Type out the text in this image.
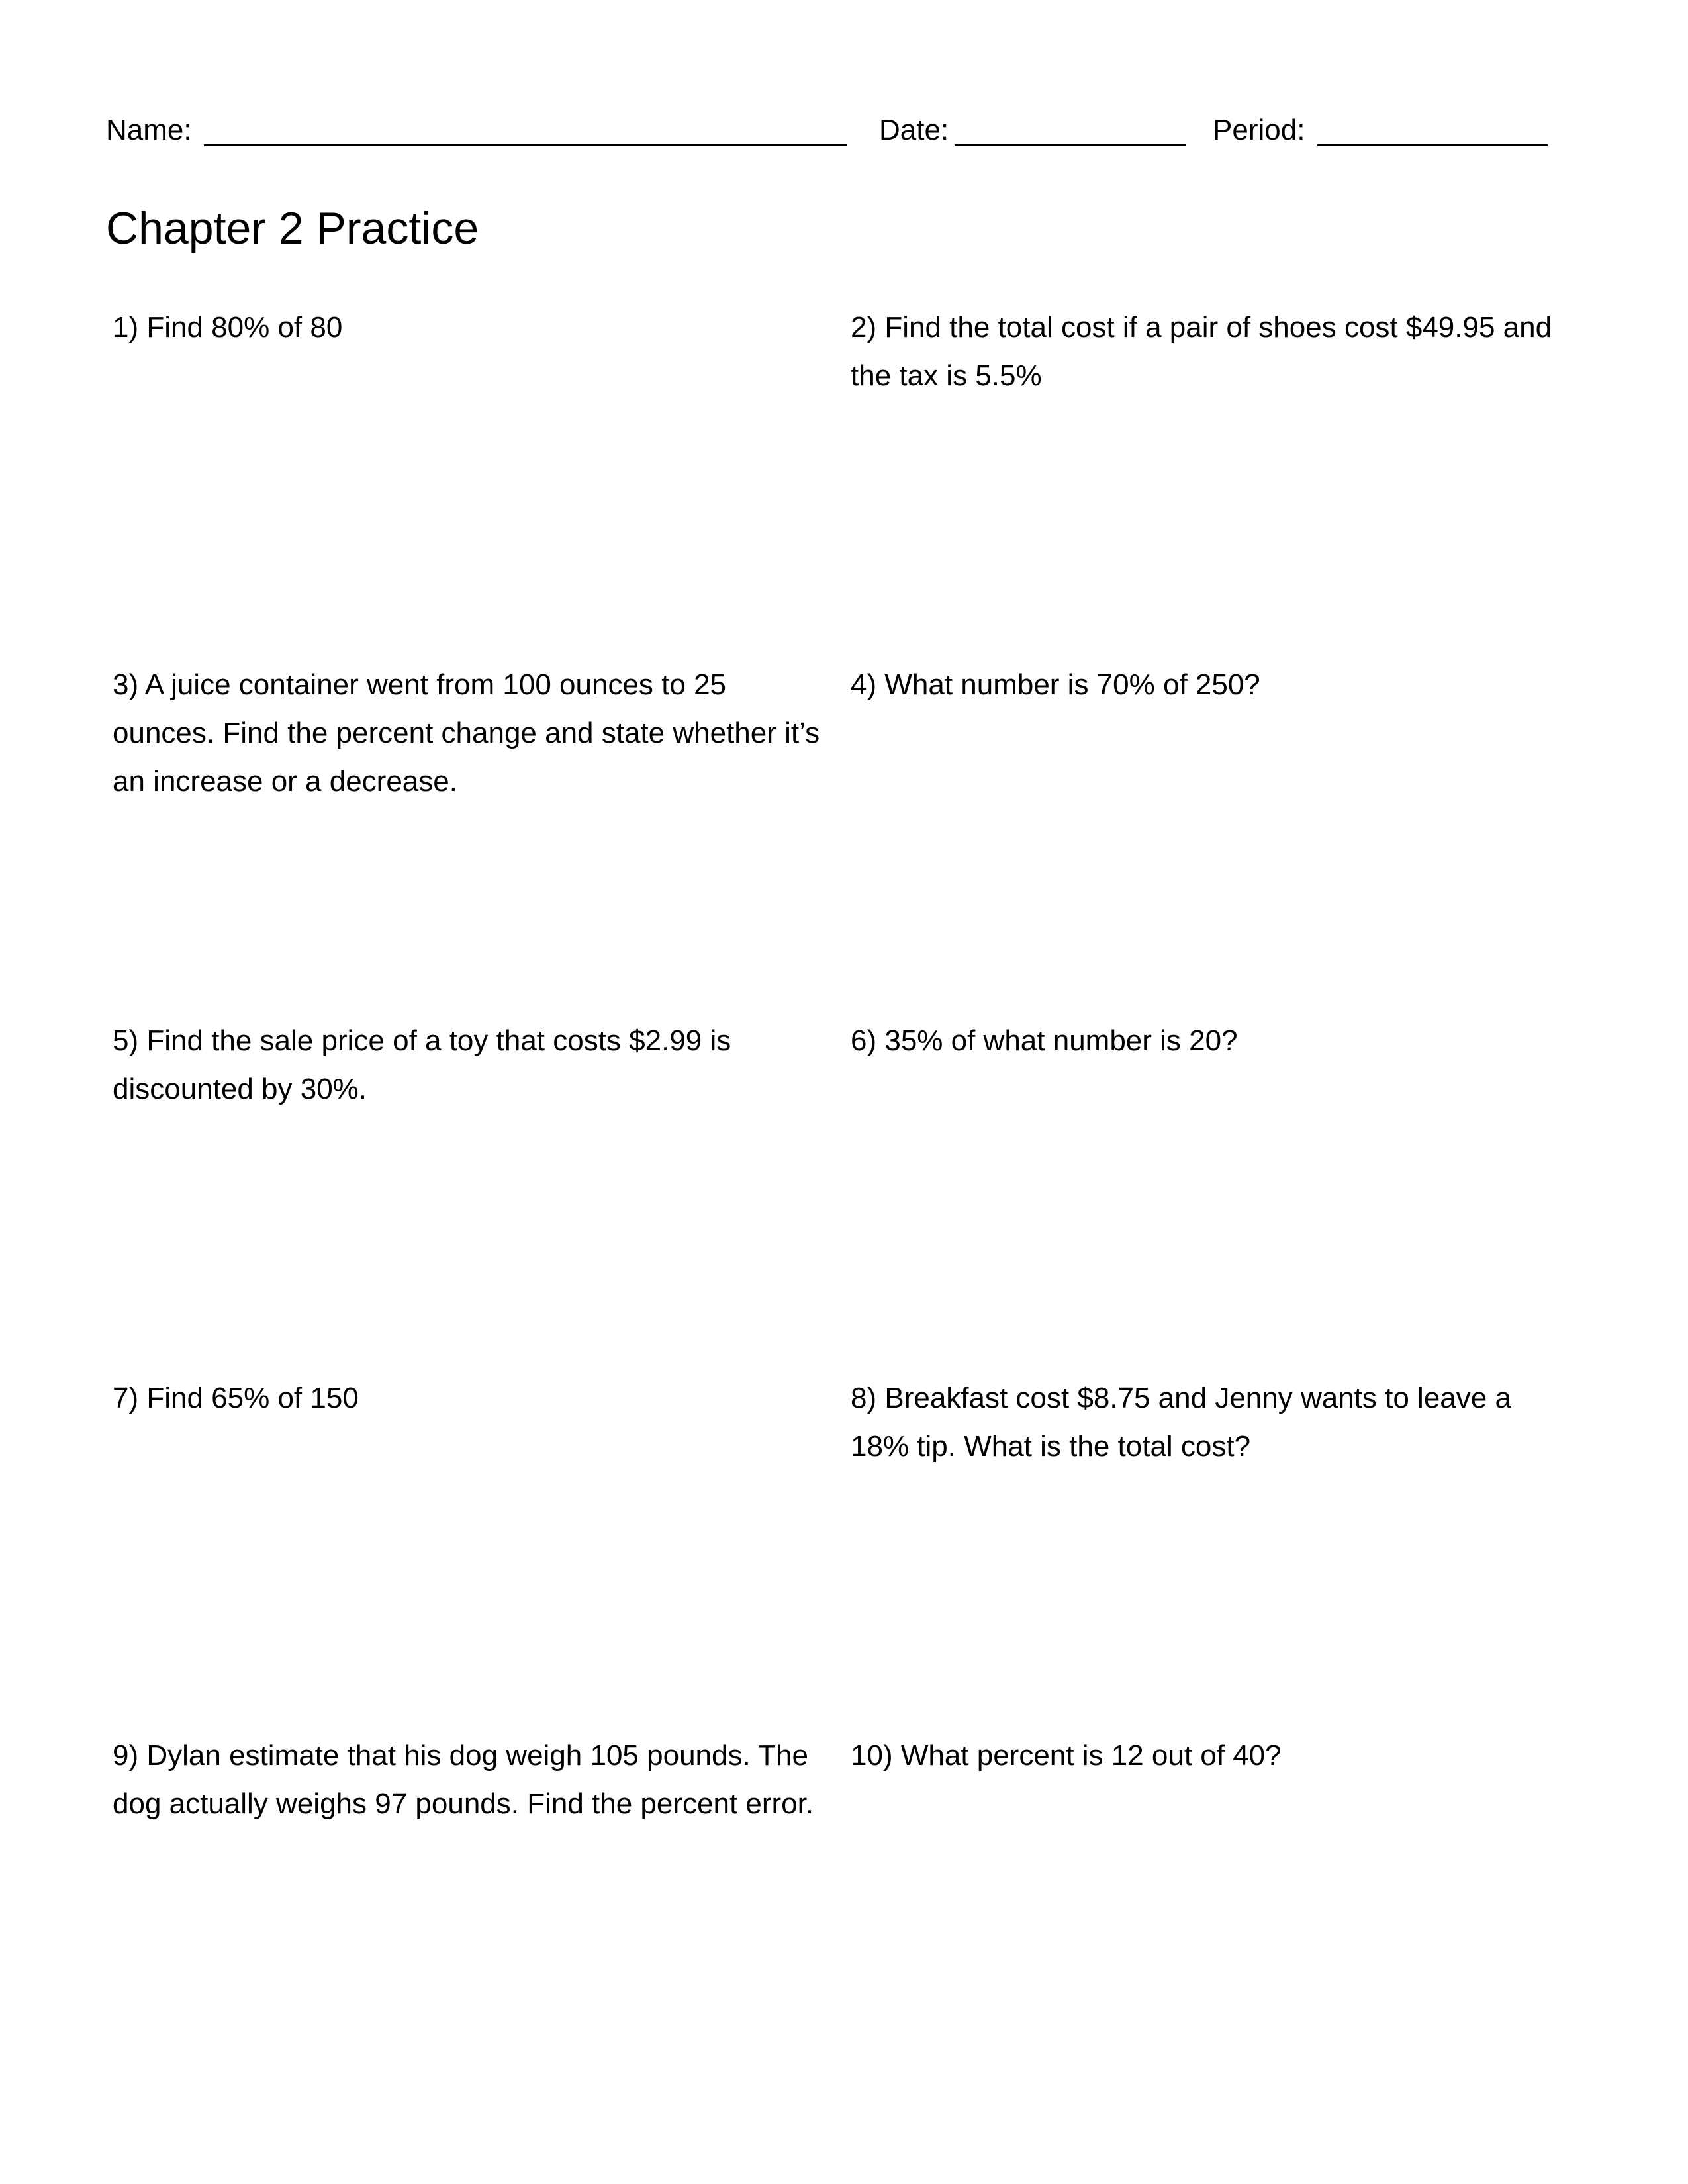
Name:	Date:	Period:
Chapter 2 Practice
1) Find 80% of 80	2) Find the total cost if a pair of shoes cost $49.95 and the tax is 5.5%
3) A juice container went from 100 ounces to 25 ounces. Find the percent change and state whether it’s an increase or a decrease.
4) What number is 70% of 250?
5) Find the sale price of a toy that costs $2.99 is discounted by 30%.
6) 35% of what number is 20?
7) Find 65% of 150	8) Breakfast cost $8.75 and Jenny wants to leave a 18% tip. What is the total cost?
9) Dylan estimate that his dog weigh 105 pounds. The dog actually weighs 97 pounds. Find the percent error.
10) What percent is 12 out of 40?
